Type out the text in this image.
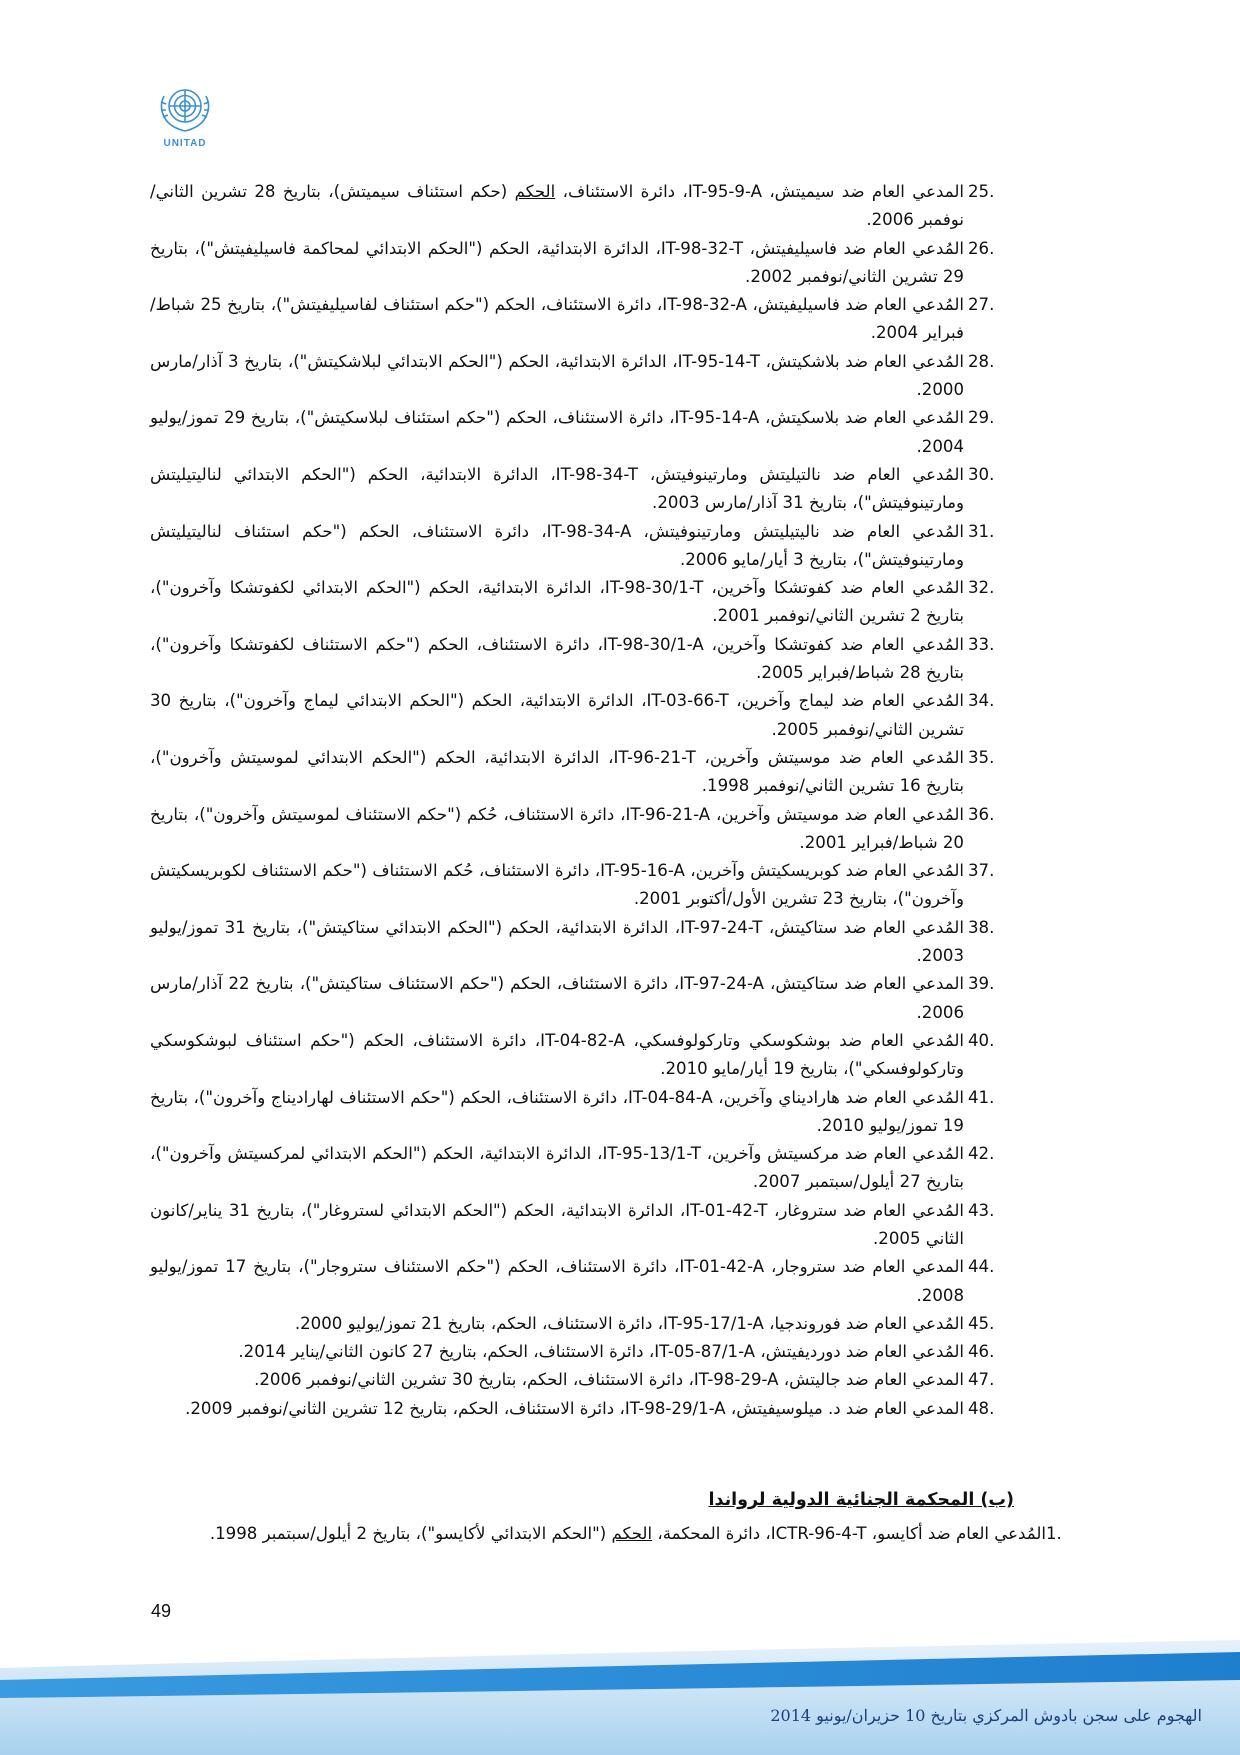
UNITAD
25.
المدعي العام ضد سيميتش، IT-95-9-A، دائرة الاستئناف، الحكم (حكم استئناف سيميتش)، بتاريخ 28 تشرين الثاني/نوفمبر 2006.
26.
المُدعي العام ضد فاسيليفيتش، IT-98-32-T، الدائرة الابتدائية، الحكم ("الحكم الابتدائي لمحاكمة فاسيليفيتش")، بتاريخ 29 تشرين الثاني/نوفمبر 2002.
27.
المُدعي العام ضد فاسيليفيتش، IT-98-32-A، دائرة الاستئناف، الحكم ("حكم استئناف لفاسيليفيتش")، بتاريخ 25 شباط/فبراير 2004.
28.
المُدعي العام ضد بلاشكيتش، IT-95-14-T، الدائرة الابتدائية، الحكم ("الحكم الابتدائي لبلاشكيتش")، بتاريخ 3 آذار/مارس 2000.
29.
المُدعي العام ضد بلاسكيتش، IT-95-14-A، دائرة الاستئناف، الحكم ("حكم استئناف لبلاسكيتش")، بتاريخ 29 تموز/يوليو 2004.
30.
المُدعي العام ضد نالتيليتش ومارتينوفيتش، IT-98-34-T، الدائرة الابتدائية، الحكم ("الحكم الابتدائي لناليتيليتش ومارتينوفيتش")، بتاريخ 31 آذار/مارس 2003.
31.
المُدعي العام ضد ناليتيليتش ومارتينوفيتش، IT-98-34-A، دائرة الاستئناف، الحكم ("حكم استئناف لناليتيليتش ومارتينوفيتش")، بتاريخ 3 أيار/مايو 2006.
32.
المُدعي العام ضد كفوتشكا وآخرين، IT-98-30/1-T، الدائرة الابتدائية، الحكم ("الحكم الابتدائي لكفوتشكا وآخرون")، بتاريخ 2 تشرين الثاني/نوفمبر 2001.
33.
المُدعي العام ضد كفوتشكا وآخرين، IT-98-30/1-A، دائرة الاستئناف، الحكم ("حكم الاستئناف لكفوتشكا وآخرون")، بتاريخ 28 شباط/فبراير 2005.
34.
المُدعي العام ضد ليماج وآخرين، IT-03-66-T، الدائرة الابتدائية، الحكم ("الحكم الابتدائي ليماج وآخرون")، بتاريخ 30 تشرين الثاني/نوفمبر 2005.
35.
المُدعي العام ضد موسيتش وآخرين، IT-96-21-T، الدائرة الابتدائية، الحكم ("الحكم الابتدائي لموسيتش وآخرون")، بتاريخ 16 تشرين الثاني/نوفمبر 1998.
36.
المُدعي العام ضد موسيتش وآخرين، IT-96-21-A، دائرة الاستئناف، حُكم ("حكم الاستئناف لموسيتش وآخرون")، بتاريخ 20 شباط/فبراير 2001.
37.
المُدعي العام ضد كوبريسكيتش وآخرين، IT-95-16-A، دائرة الاستئناف، حُكم الاستئناف ("حكم الاستئناف لكوبريسكيتش وآخرون")، بتاريخ 23 تشرين الأول/أكتوبر 2001.
38.
المُدعي العام ضد ستاكيتش، IT-97-24-T، الدائرة الابتدائية، الحكم ("الحكم الابتدائي ستاكيتش")، بتاريخ 31 تموز/يوليو 2003.
39.
المدعي العام ضد ستاكيتش، IT-97-24-A، دائرة الاستئناف، الحكم ("حكم الاستئناف ستاكيتش")، بتاريخ 22 آذار/مارس 2006.
40.
المُدعي العام ضد بوشكوسكي وتاركولوفسكي، IT-04-82-A، دائرة الاستئناف، الحكم ("حكم استئناف لبوشكوسكي وتاركولوفسكي")، بتاريخ 19 أيار/مايو 2010.
41.
المُدعي العام ضد هاراديناي وآخرين، IT-04-84-A، دائرة الاستئناف، الحكم ("حكم الاستئناف لهاراديناج وآخرون")، بتاريخ 19 تموز/يوليو 2010.
42.
المُدعي العام ضد مركسيتش وآخرين، IT-95-13/1-T، الدائرة الابتدائية، الحكم ("الحكم الابتدائي لمركسيتش وآخرون")، بتاريخ 27 أيلول/سبتمبر 2007.
43.
المُدعي العام ضد ستروغار، IT-01-42-T، الدائرة الابتدائية، الحكم ("الحكم الابتدائي لستروغار")، بتاريخ 31 يناير/كانون الثاني 2005.
44.
المدعي العام ضد ستروجار، IT-01-42-A، دائرة الاستئناف، الحكم ("حكم الاستئناف ستروجار")، بتاريخ 17 تموز/يوليو 2008.
45.
المُدعي العام ضد فوروندجيا، IT-95-17/1-A، دائرة الاستئناف، الحكم، بتاريخ 21 تموز/يوليو 2000.
46.
المُدعي العام ضد دورديفيتش، IT-05-87/1-A، دائرة الاستئناف، الحكم، بتاريخ 27 كانون الثاني/يناير 2014.
47.
المدعي العام ضد جاليتش، IT-98-29-A، دائرة الاستئناف، الحكم، بتاريخ 30 تشرين الثاني/نوفمبر 2006.
48.
المدعي العام ضد د. ميلوسيفيتش، IT-98-29/1-A، دائرة الاستئناف، الحكم، بتاريخ 12 تشرين الثاني/نوفمبر 2009.
(ب) المحكمة الجنائية الدولية لرواندا
1.المُدعي العام ضد أكايسو، ICTR-96-4-T، دائرة المحكمة، الحكم ("الحكم الابتدائي لأكايسو")، بتاريخ 2 أيلول/سبتمبر 1998.
49
الهجوم على سجن بادوش المركزي بتاريخ 10 حزيران/يونيو 2014
